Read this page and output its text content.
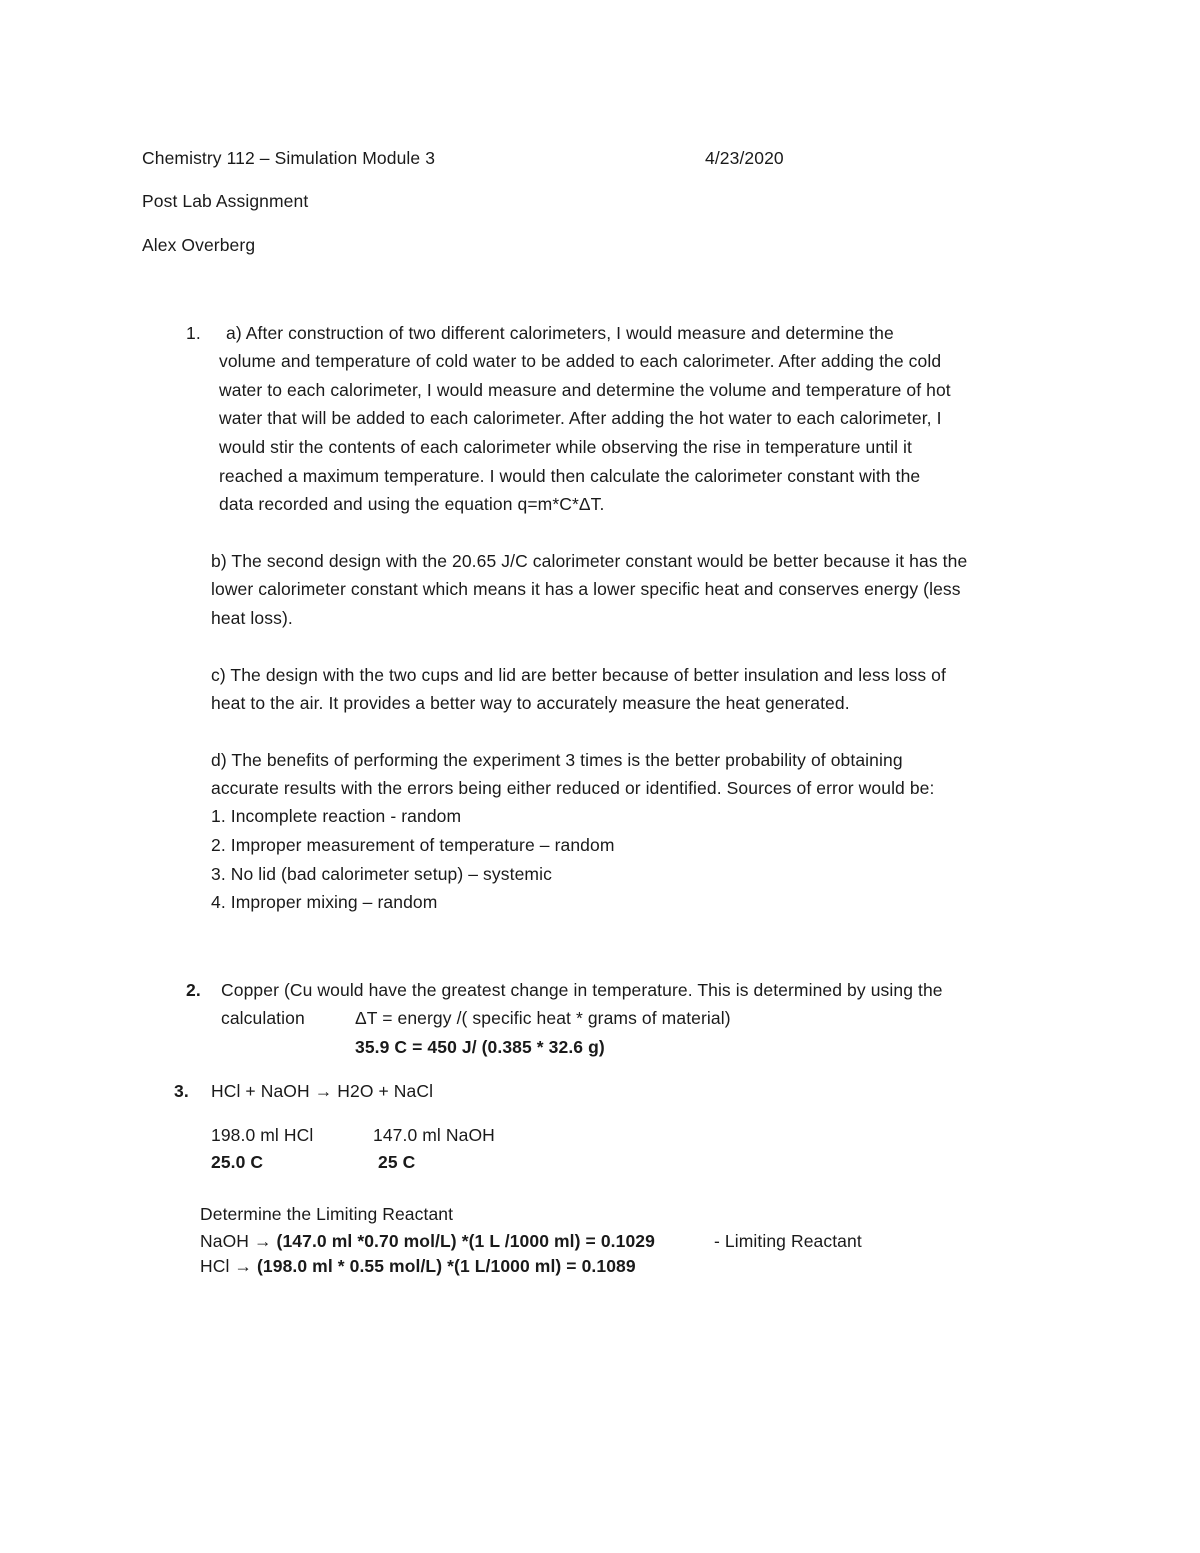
Chemistry 112 – Simulation Module 3	4/23/2020
Post Lab Assignment
Alex Overberg
1. a) After construction of two different calorimeters, I would measure and determine the
volume and temperature of cold water to be added to each calorimeter. After adding the cold
water to each calorimeter, I would measure and determine the volume and temperature of hot
water that will be added to each calorimeter. After adding the hot water to each calorimeter, I
would stir the contents of each calorimeter while observing the rise in temperature until it
reached a maximum temperature. I would then calculate the calorimeter constant with the
data recorded and using the equation q=m*C*ΔT.
b) The second design with the 20.65 J/C calorimeter constant would be better because it has the
lower calorimeter constant which means it has a lower specific heat and conserves energy (less
heat loss).
c) The design with the two cups and lid are better because of better insulation and less loss of
heat to the air. It provides a better way to accurately measure the heat generated.
d) The benefits of performing the experiment 3 times is the better probability of obtaining
accurate results with the errors being either reduced or identified. Sources of error would be:
1. Incomplete reaction - random
2. Improper measurement of temperature – random
3. No lid (bad calorimeter setup) – systemic
4. Improper mixing – random
2. Copper (Cu would have the greatest change in temperature. This is determined by using the
calculation	ΔT = energy /( specific heat * grams of material)
35.9 C = 450 J/ (0.385 * 32.6 g)
3. HCl + NaOH → H2O + NaCl
198.0 ml HCl	147.0 ml NaOH
25.0 C	25 C
Determine the Limiting Reactant
NaOH → (147.0 ml *0.70 mol/L) *(1 L /1000 ml) = 0.1029	- Limiting Reactant
HCl → (198.0 ml * 0.55 mol/L) *(1 L/1000 ml) = 0.1089
